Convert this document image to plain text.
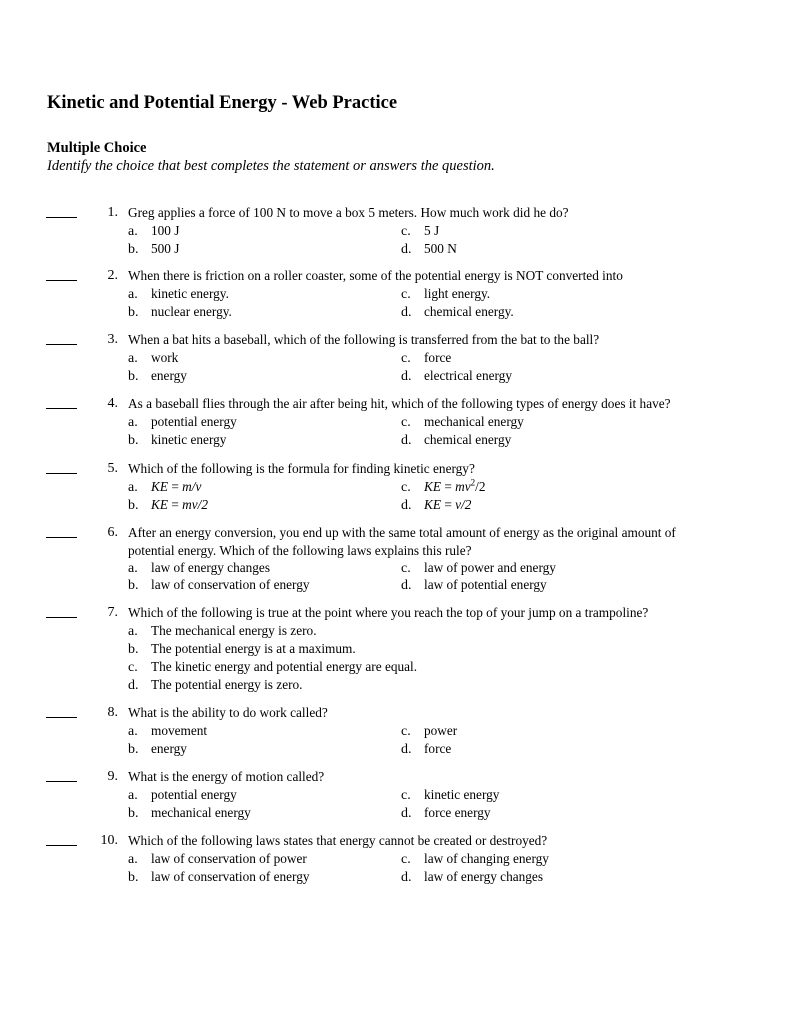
Kinetic and Potential Energy - Web Practice
Multiple Choice
Identify the choice that best completes the statement or answers the question.
1. Greg applies a force of 100 N to move a box 5 meters. How much work did he do?
a. 100 J
b. 500 J
c. 5 J
d. 500 N
2. When there is friction on a roller coaster, some of the potential energy is NOT converted into
a. kinetic energy.
b. nuclear energy.
c. light energy.
d. chemical energy.
3. When a bat hits a baseball, which of the following is transferred from the bat to the ball?
a. work
b. energy
c. force
d. electrical energy
4. As a baseball flies through the air after being hit, which of the following types of energy does it have?
a. potential energy
b. kinetic energy
c. mechanical energy
d. chemical energy
5. Which of the following is the formula for finding kinetic energy?
a. KE = m/v
b. KE = mv/2
c. KE = $mv^2/2$
d. KE = v/2
6. After an energy conversion, you end up with the same total amount of energy as the original amount of
potential energy. Which of the following laws explains this rule?
a. law of energy changes
b. law of conservation of energy
c. law of power and energy
d. law of potential energy
7. Which of the following is true at the point where you reach the top of your jump on a trampoline?
a. The mechanical energy is zero.
b. The potential energy is at a maximum.
c. The kinetic energy and potential energy are equal.
d. The potential energy is zero.
8. What is the ability to do work called?
a. movement
b. energy
c. power
d. force
9. What is the energy of motion called?
a. potential energy
b. mechanical energy
c. kinetic energy
d. force energy
10. Which of the following laws states that energy cannot be created or destroyed?
a. law of conservation of power
b. law of conservation of energy
c. law of changing energy
d. law of energy changes
